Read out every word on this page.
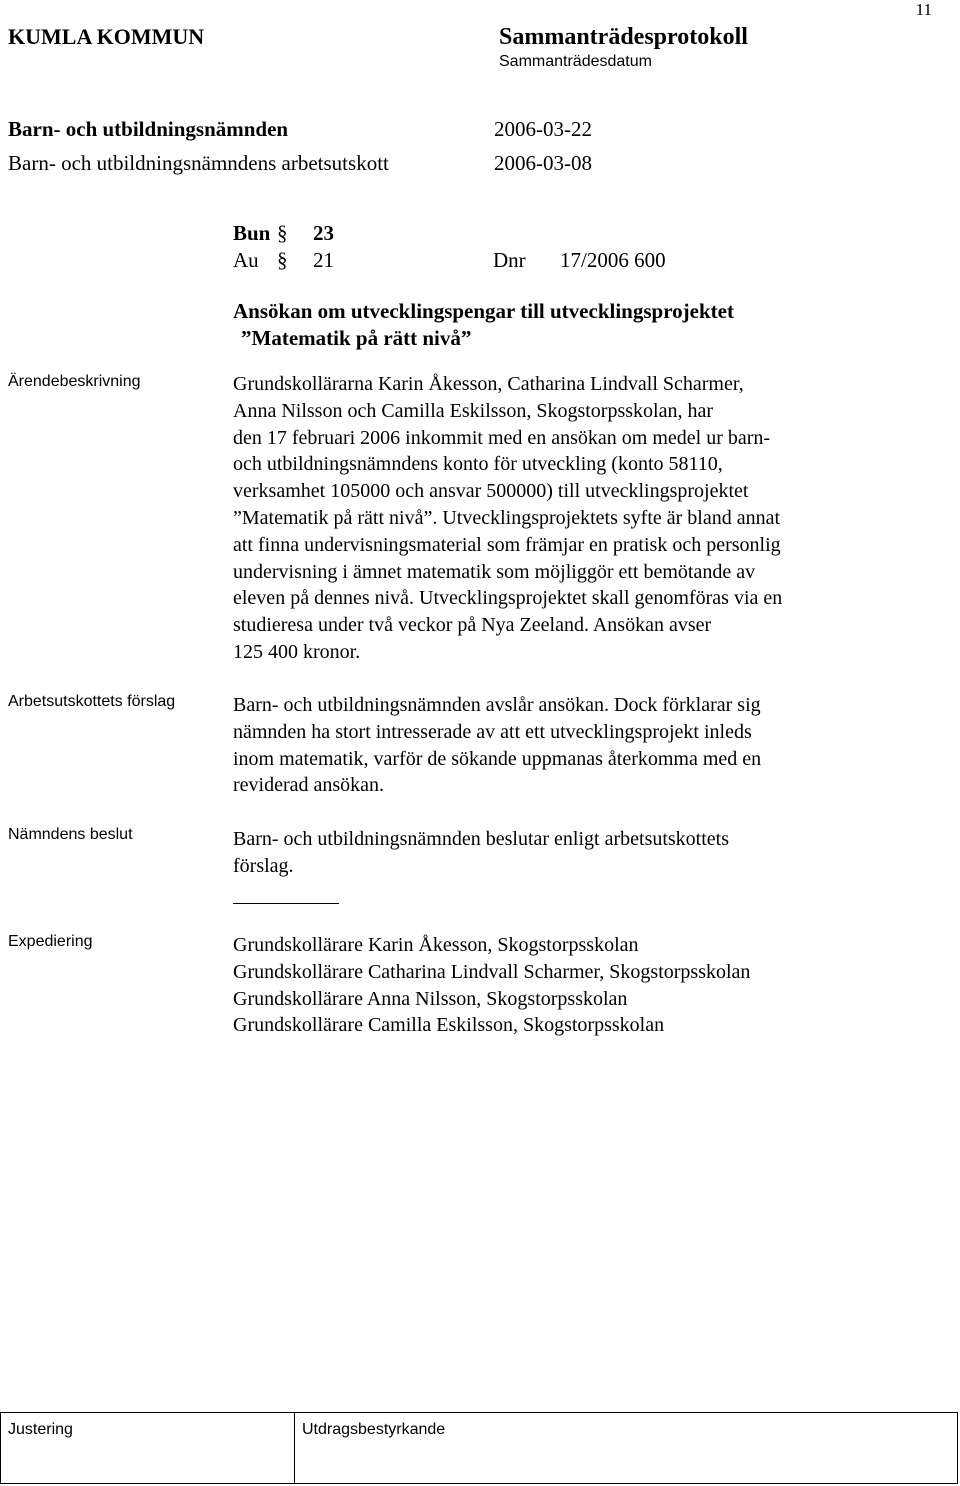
11
KUMLA KOMMUN	Sammanträdesprotokoll
Sammanträdesdatum
Barn- och utbildningsnämnden	2006-03-22
Barn- och utbildningsnämndens arbetsutskott	2006-03-08
Bun § 23
Au § 21	Dnr 17/2006 600
Ansökan om utvecklingspengar till utvecklingsprojektet
”Matematik på rätt nivå”
Ärendebeskrivning	Grundskollärarna Karin Åkesson, Catharina Lindvall Scharmer,
Anna Nilsson och Camilla Eskilsson, Skogstorpsskolan, har
den 17 februari 2006 inkommit med en ansökan om medel ur barn-
och utbildningsnämndens konto för utveckling (konto 58110,
verksamhet 105000 och ansvar 500000) till utvecklingsprojektet
”Matematik på rätt nivå”. Utvecklingsprojektets syfte är bland annat
att finna undervisningsmaterial som främjar en pratisk och personlig
undervisning i ämnet matematik som möjliggör ett bemötande av
eleven på dennes nivå. Utvecklingsprojektet skall genomföras via en
studieresa under två veckor på Nya Zeeland. Ansökan avser
125 400 kronor.
Arbetsutskottets förslag	Barn- och utbildningsnämnden avslår ansökan. Dock förklarar sig
nämnden ha stort intresserade av att ett utvecklingsprojekt inleds
inom matematik, varför de sökande uppmanas återkomma med en
reviderad ansökan.
Nämndens beslut	Barn- och utbildningsnämnden beslutar enligt arbetsutskottets
förslag.
Expediering	Grundskollärare Karin Åkesson, Skogstorpsskolan
Grundskollärare Catharina Lindvall Scharmer, Skogstorpsskolan
Grundskollärare Anna Nilsson, Skogstorpsskolan
Grundskollärare Camilla Eskilsson, Skogstorpsskolan
Justering	Utdragsbestyrkande
